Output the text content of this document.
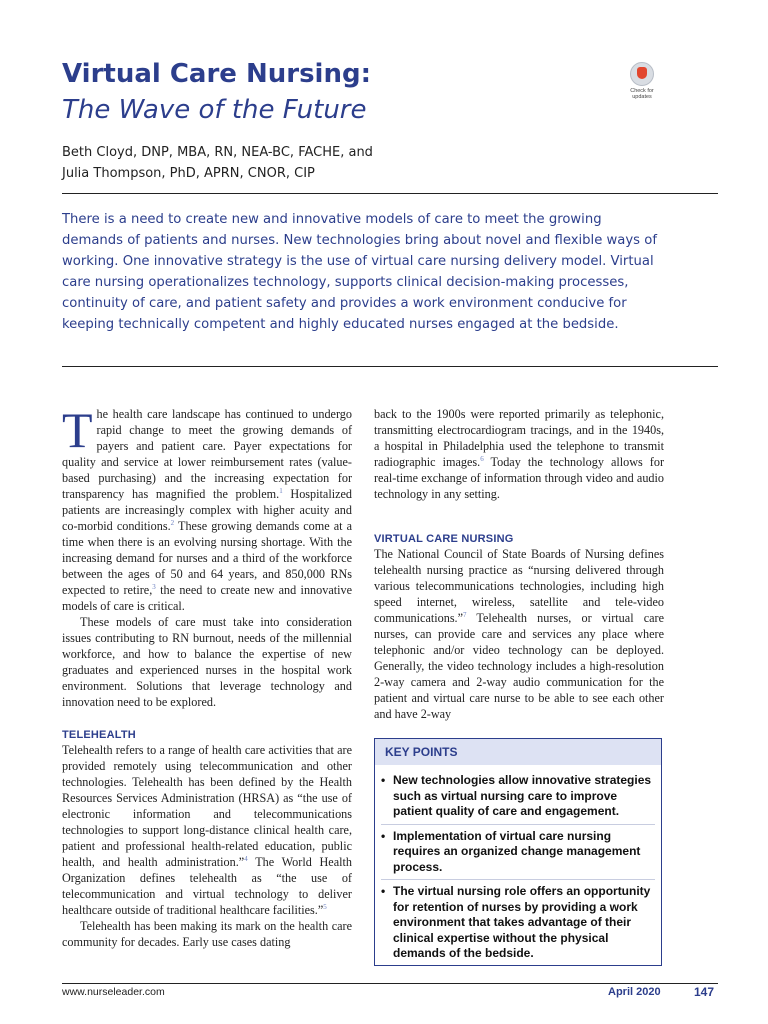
Virtual Care Nursing:
The Wave of the Future
Check for updates
Beth Cloyd, DNP, MBA, RN, NEA-BC, FACHE, and
Julia Thompson, PhD, APRN, CNOR, CIP

There is a need to create new and innovative models of care to meet the growing demands of patients and nurses. New technologies bring about novel and flexible ways of working. One innovative strategy is the use of virtual care nursing delivery model. Virtual care nursing operationalizes technology, supports clinical decision-making processes, continuity of care, and patient safety and provides a work environment conducive for keeping technically competent and highly educated nurses engaged at the bedside.

The health care landscape has continued to undergo rapid change to meet the growing demands of payers and patient care. Payer expectations for quality and service at lower reimbursement rates (value-based purchasing) and the increasing expectation for transparency has magnified the problem.$^1$ Hospitalized patients are increasingly complex with higher acuity and co-morbid conditions.$^2$ These growing demands come at a time when there is an evolving nursing shortage. With the increasing demand for nurses and a third of the workforce between the ages of 50 and 64 years, and 850,000 RNs expected to retire,$^3$ the need to create new and innovative models of care is critical.

These models of care must take into consideration issues contributing to RN burnout, needs of the millennial workforce, and how to balance the expertise of new graduates and experienced nurses in the hospital work environment. Solutions that leverage technology and innovation need to be explored.

TELEHEALTH

Telehealth refers to a range of health care activities that are provided remotely using telecommunication and other technologies. Telehealth has been defined by the Health Resources Services Administration (HRSA) as “the use of electronic information and telecommunications technologies to support long-distance clinical health care, patient and professional health-related education, public health, and health administration.”$^4$ The World Health Organization defines telehealth as “the use of telecommunication and virtual technology to deliver healthcare outside of traditional healthcare facilities.”$^5$

Telehealth has been making its mark on the health care community for decades. Early use cases dating

back to the 1900s were reported primarily as telephonic, transmitting electrocardiogram tracings, and in the 1940s, a hospital in Philadelphia used the telephone to transmit radiographic images.$^6$ Today the technology allows for real-time exchange of information through video and audio technology in any setting.

VIRTUAL CARE NURSING

The National Council of State Boards of Nursing defines telehealth nursing practice as “nursing delivered through various telecommunications technologies, including high speed internet, wireless, satellite and tele-video communications.”$^7$ Telehealth nurses, or virtual care nurses, can provide care and services any place where telephonic and/or video technology can be deployed. Generally, the video technology includes a high-resolution 2-way camera and 2-way audio communication for the patient and virtual care nurse to be able to see each other and have 2-way

KEY POINTS
• New technologies allow innovative strategies such as virtual nursing care to improve patient quality of care and engagement.
• Implementation of virtual care nursing requires an organized change management process.
• The virtual nursing role offers an opportunity for retention of nurses by providing a work environment that takes advantage of their clinical expertise without the physical demands of the bedside.
www.nurseleader.com	April 2020	147
